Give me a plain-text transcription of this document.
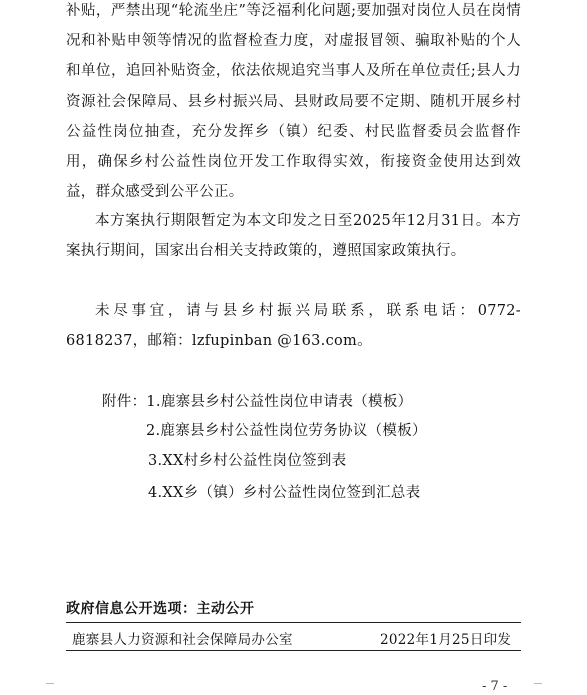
补贴，严禁出现“轮流坐庄”等泛福利化问题;要加强对岗位人员在岗情况和补贴申领等情况的监督检查力度，对虚报冒领、骗取补贴的个人和单位，追回补贴资金，依法依规追究当事人及所在单位责任;县人力资源社会保障局、县乡村振兴局、县财政局要不定期、随机开展乡村公益性岗位抽查，充分发挥乡（镇）纪委、村民监督委员会监督作用，确保乡村公益性岗位开发工作取得实效，衔接资金使用达到效益，群众感受到公平公正。

本方案执行期限暂定为本文印发之日至2025年12月31日。本方案执行期间，国家出台相关支持政策的，遵照国家政策执行。

未尽事宜，请与县乡村振兴局联系，联系电话：0772-6818237，邮箱：lzfupinban @163.com。

附件：1.鹿寨县乡村公益性岗位申请表（模板）
2.鹿寨县乡村公益性岗位劳务协议（模板）
3.XX村乡村公益性岗位签到表
4.XX乡（镇）乡村公益性岗位签到汇总表
政府信息公开选项：主动公开
鹿寨县人力资源和社会保障局办公室	2022年1月25日印发
- 7 -
